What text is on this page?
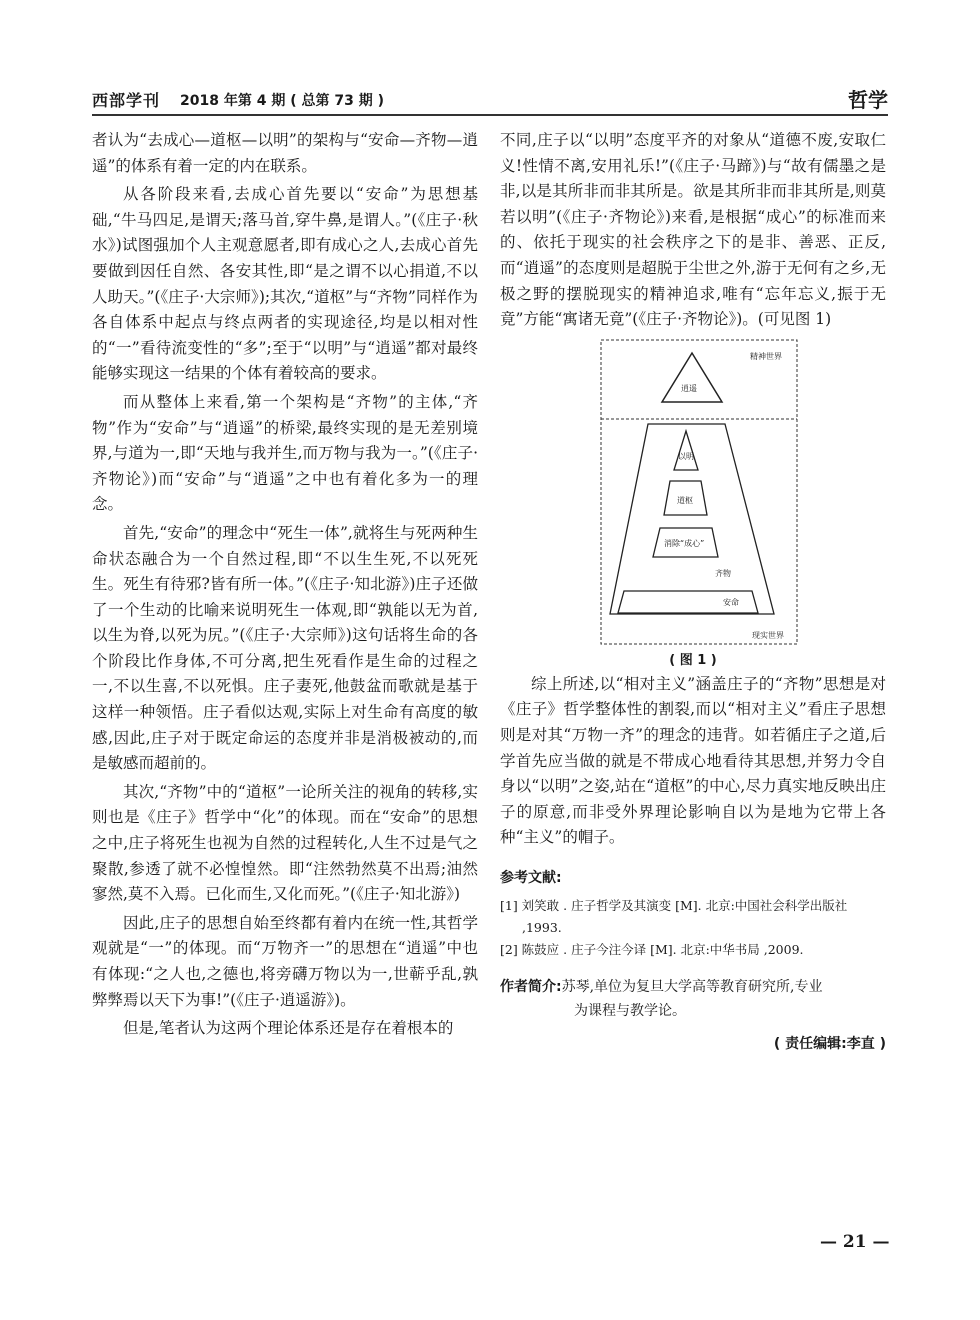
西部学刊 2018 年第 4 期 ( 总第 73 期 )	哲学

者认为“去成心—道枢—以明”的架构与“安命—齐物—逍遥”的体系有着一定的内在联系。

从各阶段来看,去成心首先要以“安命”为思想基础,“牛马四足,是谓天;落马首,穿牛鼻,是谓人。”(《庄子·秋水》)试图强加个人主观意愿者,即有成心之人,去成心首先要做到因任自然、各安其性,即“是之谓不以心捐道,不以人助天。”(《庄子·大宗师》);其次,“道枢”与“齐物”同样作为各自体系中起点与终点两者的实现途径,均是以相对性的“一”看待流变性的“多”;至于“以明”与“逍遥”都对最终能够实现这一结果的个体有着较高的要求。

而从整体上来看,第一个架构是“齐物”的主体,“齐物”作为“安命”与“逍遥”的桥梁,最终实现的是无差别境界,与道为一,即“天地与我并生,而万物与我为一。”(《庄子·齐物论》)而“安命”与“逍遥”之中也有着化多为一的理念。

首先,“安命”的理念中“死生一体”,就将生与死两种生命状态融合为一个自然过程,即“不以生生死,不以死死生。死生有待邪?皆有所一体。”(《庄子·知北游》)庄子还做了一个生动的比喻来说明死生一体观,即“孰能以无为首,以生为脊,以死为尻。”(《庄子·大宗师》)这句话将生命的各个阶段比作身体,不可分离,把生死看作是生命的过程之一,不以生喜,不以死惧。庄子妻死,他鼓盆而歌就是基于这样一种领悟。庄子看似达观,实际上对生命有高度的敏感,因此,庄子对于既定命运的态度并非是消极被动的,而是敏感而超前的。

其次,“齐物”中的“道枢”一论所关注的视角的转移,实则也是《庄子》哲学中“化”的体现。而在“安命”的思想之中,庄子将死生也视为自然的过程转化,人生不过是气之聚散,参透了就不必惶惶然。即“注然勃然莫不出焉;油然寥然,莫不入焉。已化而生,又化而死。”(《庄子·知北游》)

因此,庄子的思想自始至终都有着内在统一性,其哲学观就是“一”的体现。而“万物齐一”的思想在“逍遥”中也有体现:“之人也,之德也,将旁礴万物以为一,世蕲乎乱,孰弊弊焉以天下为事!”(《庄子·逍遥游》)。

但是,笔者认为这两个理论体系还是存在着根本的

不同,庄子以“以明”态度平齐的对象从“道德不废,安取仁义!性情不离,安用礼乐!”(《庄子·马蹄》)与“故有儒墨之是非,以是其所非而非其所是。欲是其所非而非其所是,则莫若以明”(《庄子·齐物论》)来看,是根据“成心”的标准而来的、依托于现实的社会秩序之下的是非、善恶、正反,而“逍遥”的态度则是超脱于尘世之外,游于无何有之乡,无极之野的摆脱现实的精神追求,唯有“忘年忘义,振于无竟”方能“寓诸无竟”(《庄子·齐物论》)。(可见图 1)

精神世界
逍遥
以明
道枢
消除“成心”
齐物
安命
现实世界
( 图 1 )

综上所述,以“相对主义”涵盖庄子的“齐物”思想是对《庄子》哲学整体性的割裂,而以“相对主义”看庄子思想则是对其“万物一齐”的理念的违背。如若循庄子之道,后学首先应当做的就是不带成心地看待其思想,并努力令自身以“以明”之姿,站在“道枢”的中心,尽力真实地反映出庄子的原意,而非受外界理论影响自以为是地为它带上各种“主义”的帽子。

参考文献:

[1] 刘笑敢 . 庄子哲学及其演变 [M]. 北京:中国社会科学出版社 ,1993.

[2] 陈鼓应 . 庄子今注今译 [M]. 北京:中华书局 ,2009.

作者简介:苏琴,单位为复旦大学高等教育研究所,专业
为课程与教学论。
( 责任编辑:李直 )
— 21 —
